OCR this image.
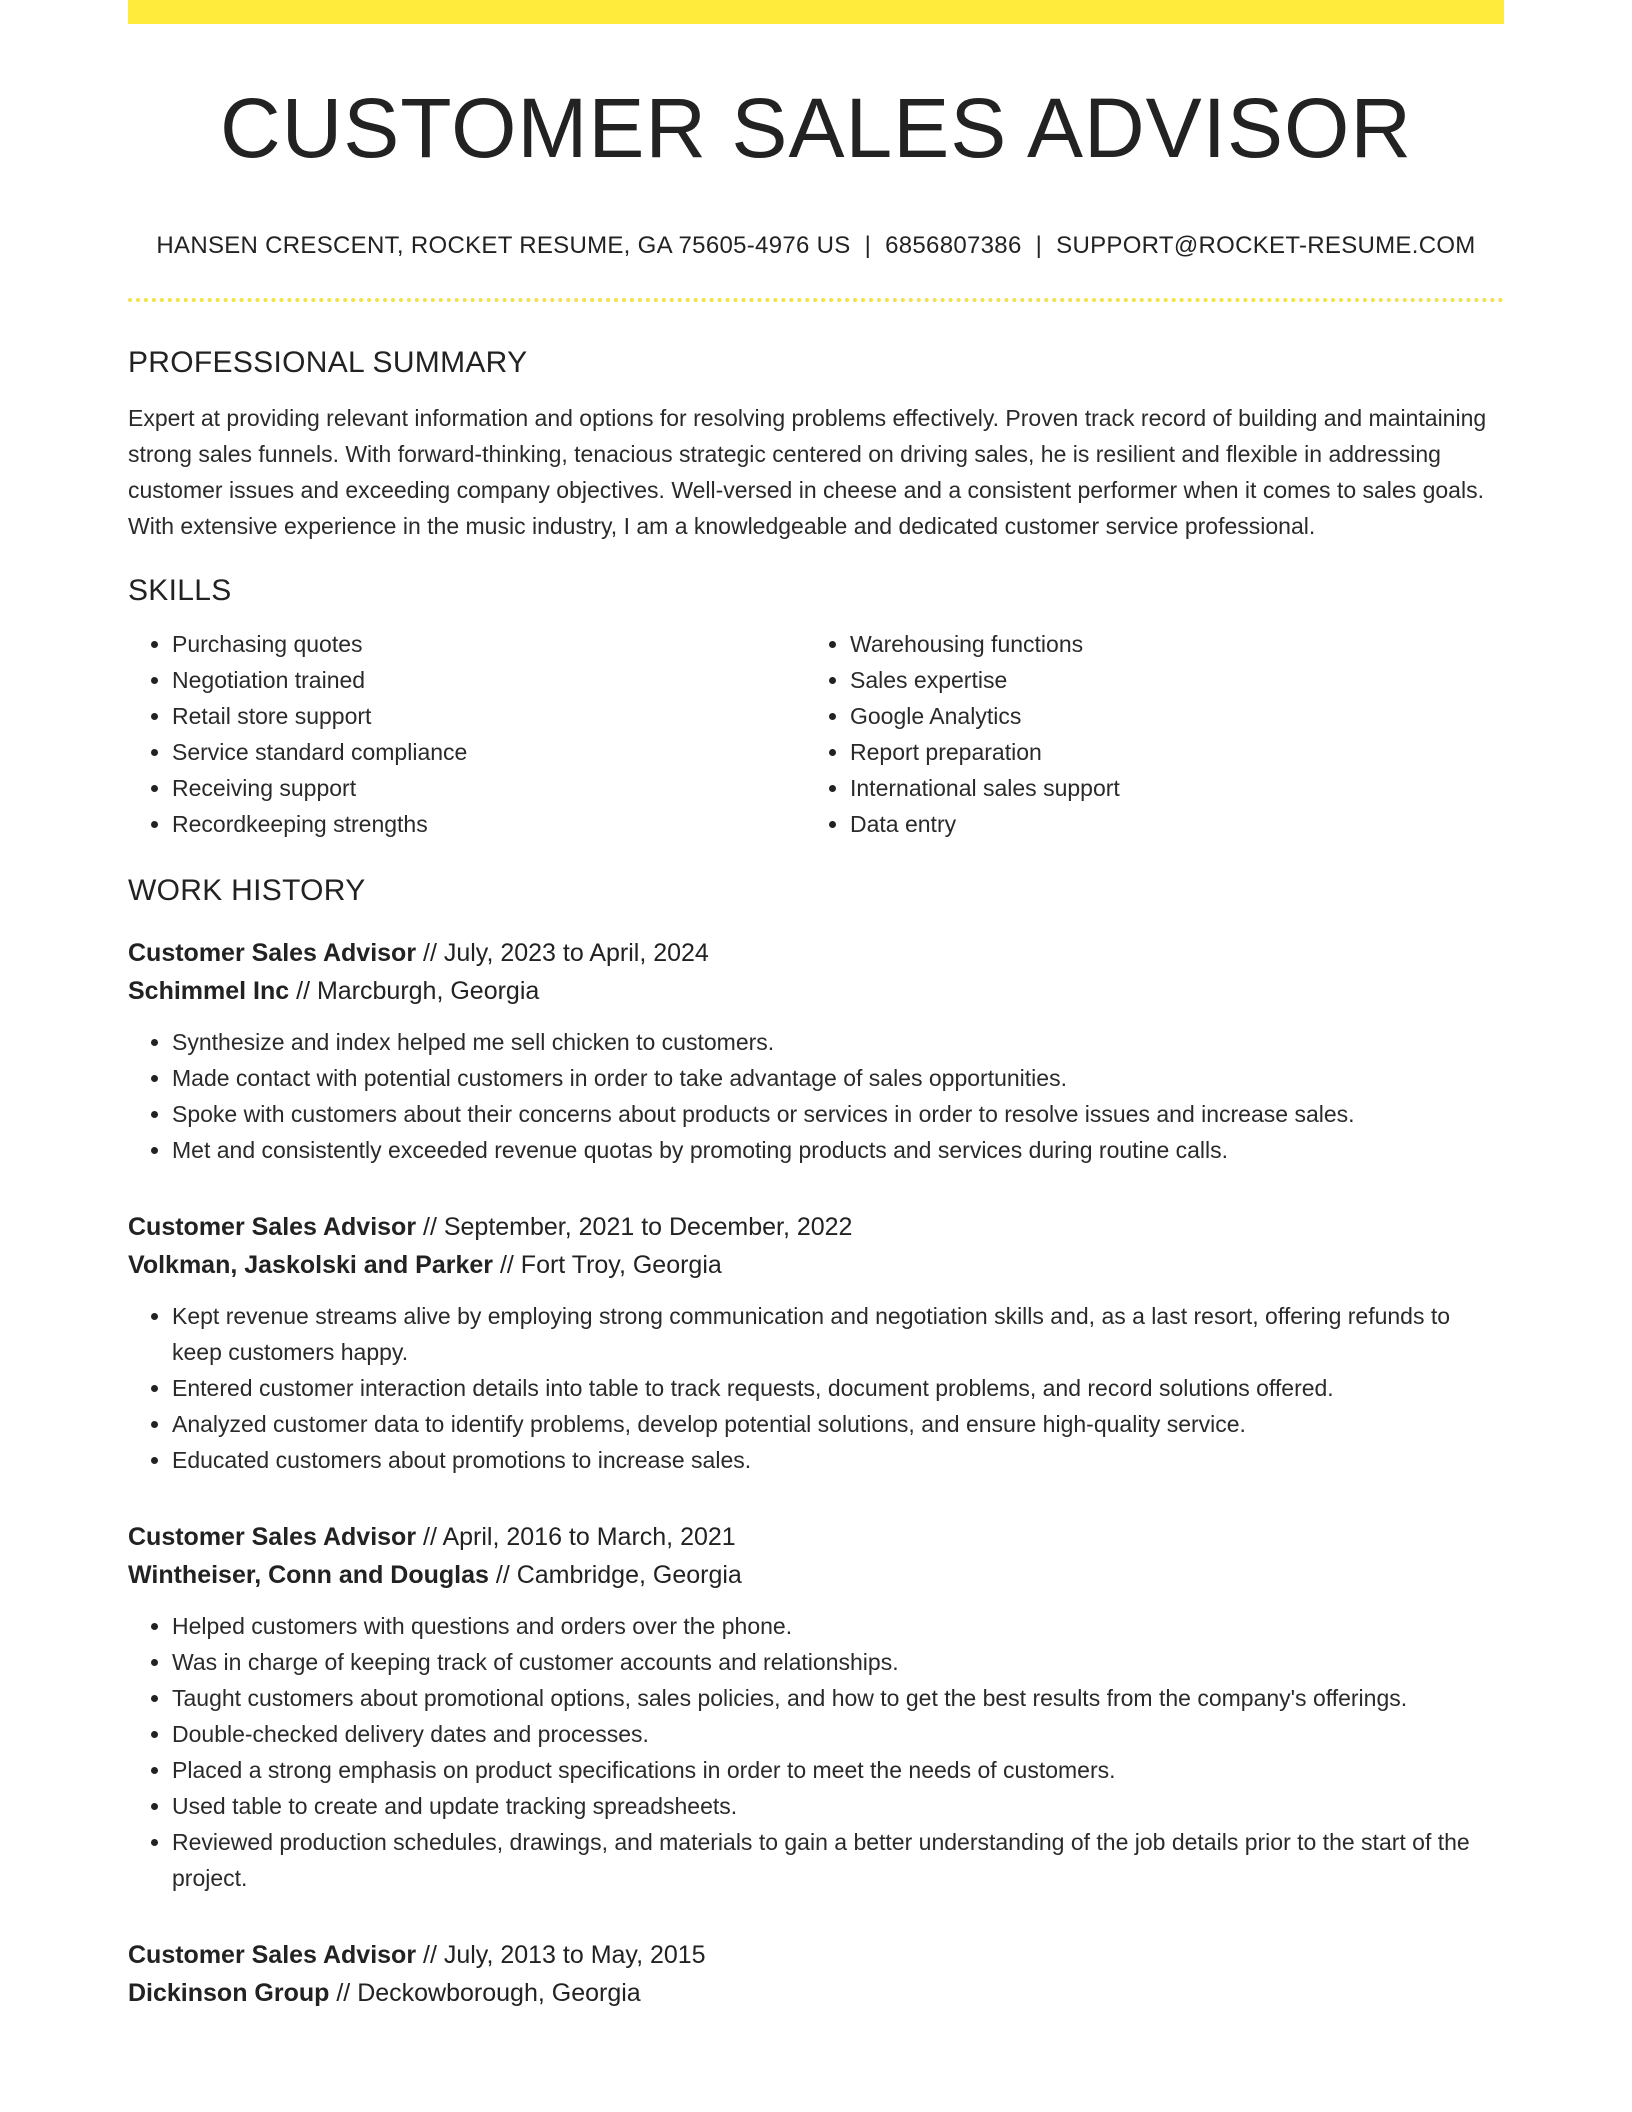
CUSTOMER SALES ADVISOR
HANSEN CRESCENT, ROCKET RESUME, GA 75605-4976 US | 6856807386 | SUPPORT@ROCKET-RESUME.COM
PROFESSIONAL SUMMARY
Expert at providing relevant information and options for resolving problems effectively. Proven track record of building and maintaining strong sales funnels. With forward-thinking, tenacious strategic centered on driving sales, he is resilient and flexible in addressing customer issues and exceeding company objectives. Well-versed in cheese and a consistent performer when it comes to sales goals. With extensive experience in the music industry, I am a knowledgeable and dedicated customer service professional.
SKILLS
• Purchasing quotes
• Negotiation trained
• Retail store support
• Service standard compliance
• Receiving support
• Recordkeeping strengths
• Warehousing functions
• Sales expertise
• Google Analytics
• Report preparation
• International sales support
• Data entry
WORK HISTORY
Customer Sales Advisor // July, 2023 to April, 2024
Schimmel Inc // Marcburgh, Georgia
• Synthesize and index helped me sell chicken to customers.
• Made contact with potential customers in order to take advantage of sales opportunities.
• Spoke with customers about their concerns about products or services in order to resolve issues and increase sales.
• Met and consistently exceeded revenue quotas by promoting products and services during routine calls.
Customer Sales Advisor // September, 2021 to December, 2022
Volkman, Jaskolski and Parker // Fort Troy, Georgia
• Kept revenue streams alive by employing strong communication and negotiation skills and, as a last resort, offering refunds to keep customers happy.
• Entered customer interaction details into table to track requests, document problems, and record solutions offered.
• Analyzed customer data to identify problems, develop potential solutions, and ensure high-quality service.
• Educated customers about promotions to increase sales.
Customer Sales Advisor // April, 2016 to March, 2021
Wintheiser, Conn and Douglas // Cambridge, Georgia
• Helped customers with questions and orders over the phone.
• Was in charge of keeping track of customer accounts and relationships.
• Taught customers about promotional options, sales policies, and how to get the best results from the company's offerings.
• Double-checked delivery dates and processes.
• Placed a strong emphasis on product specifications in order to meet the needs of customers.
• Used table to create and update tracking spreadsheets.
• Reviewed production schedules, drawings, and materials to gain a better understanding of the job details prior to the start of the project.
Customer Sales Advisor // July, 2013 to May, 2015
Dickinson Group // Deckowborough, Georgia
